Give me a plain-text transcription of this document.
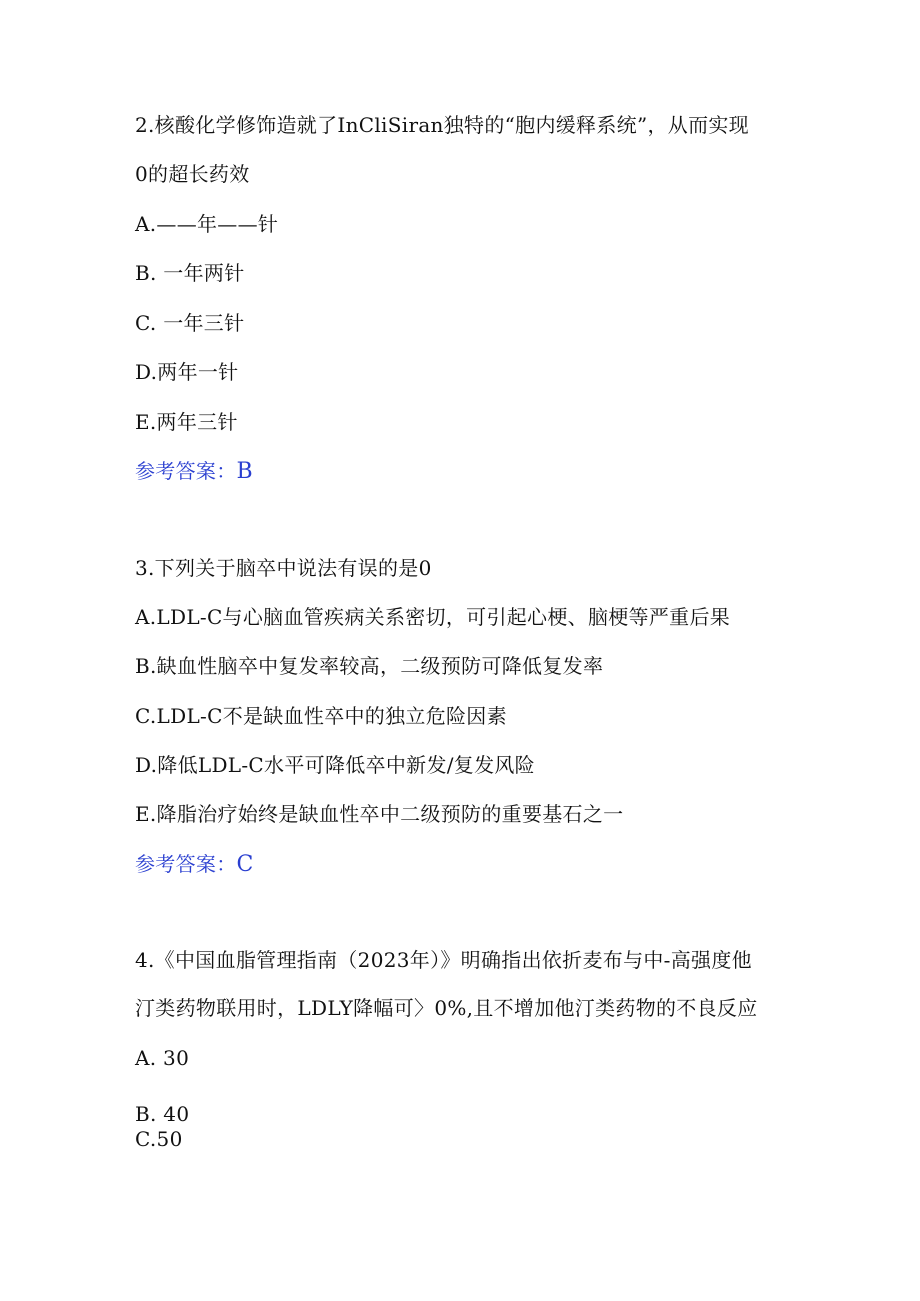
2.核酸化学修饰造就了InCliSiran独特的“胞内缓释系统”，从而实现
0的超长药效
A.——年——针
B. 一年两针
C. 一年三针
D.两年一针
E.两年三针
参考答案：B
3.下列关于脑卒中说法有误的是0
A.LDL-C与心脑血管疾病关系密切，可引起心梗、脑梗等严重后果
B.缺血性脑卒中复发率较高，二级预防可降低复发率
C.LDL-C不是缺血性卒中的独立危险因素
D.降低LDL-C水平可降低卒中新发/复发风险
E.降脂治疗始终是缺血性卒中二级预防的重要基石之一
参考答案：C
4.《中国血脂管理指南（2023年）》明确指出依折麦布与中-高强度他
汀类药物联用时，LDLY降幅可〉0%,且不增加他汀类药物的不良反应
A. 30
B. 40
C.50
